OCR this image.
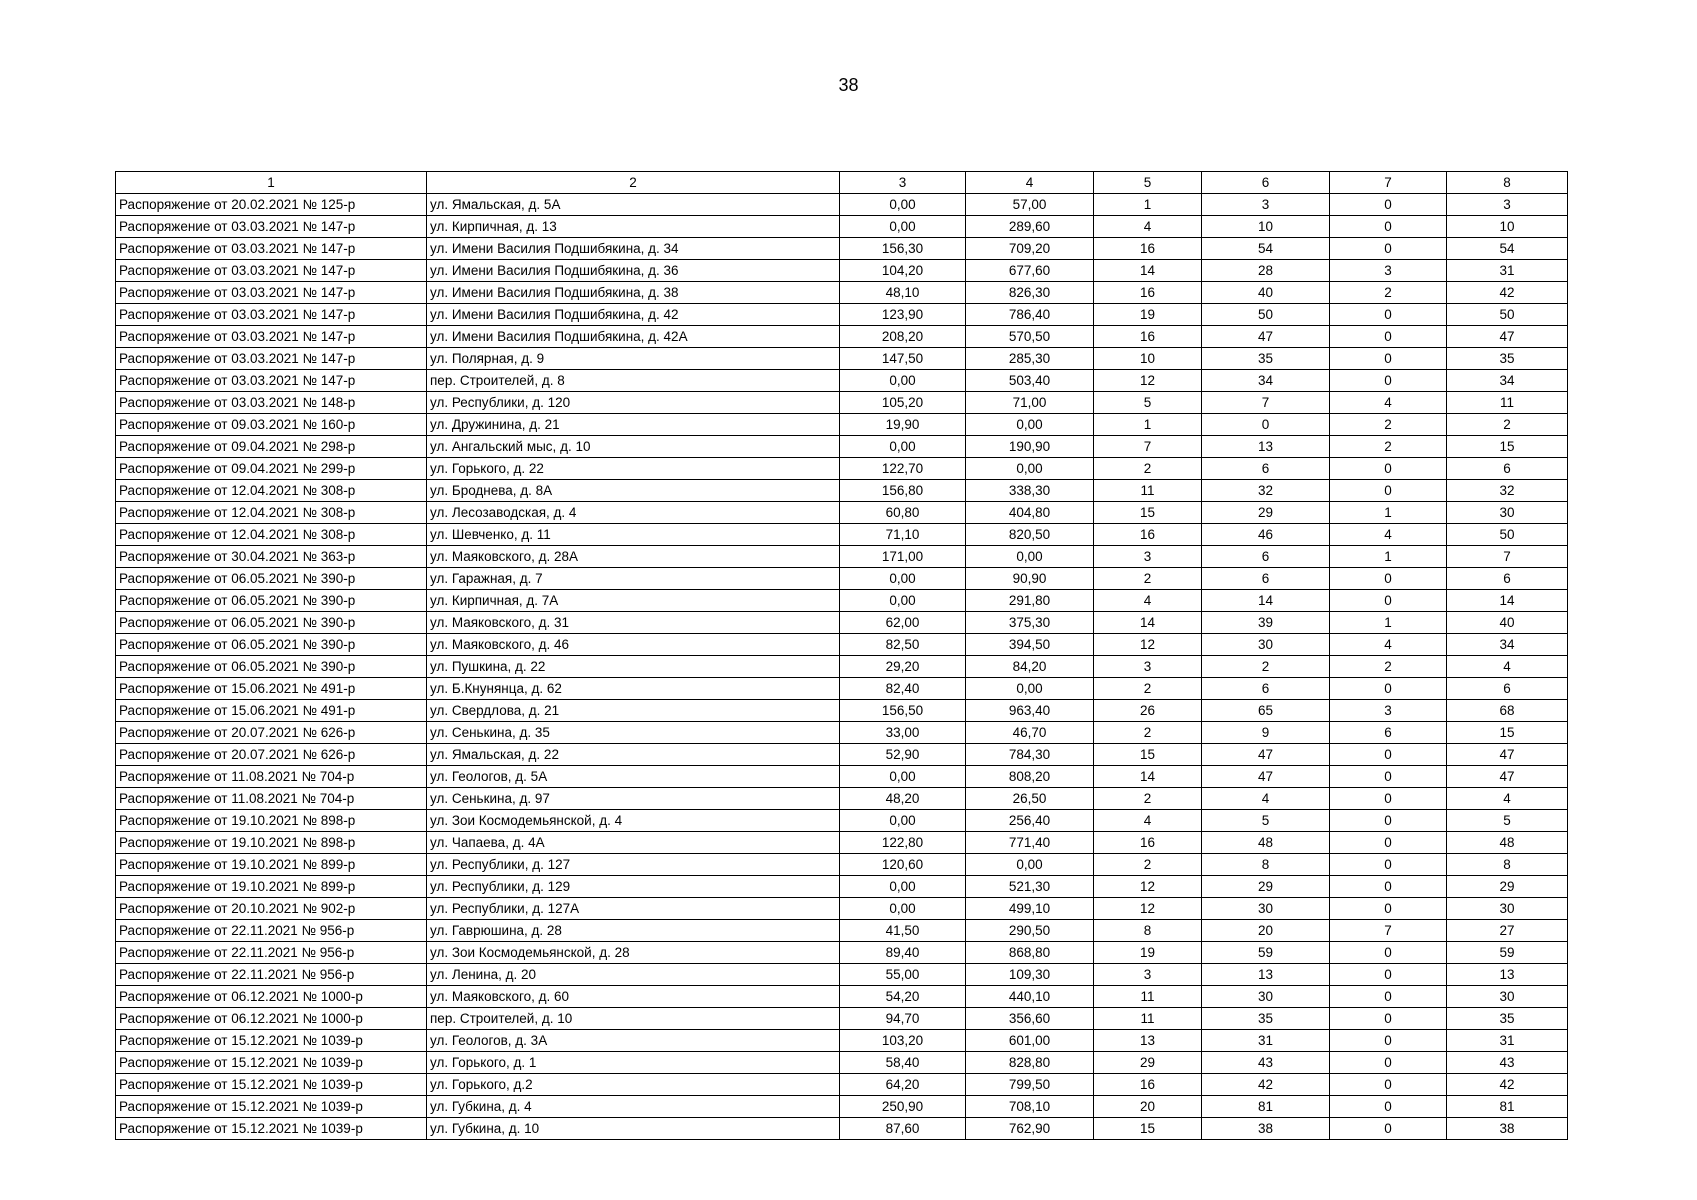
38
1	2	3	4	5	6	7	8
Распоряжение от 20.02.2021 № 125-р	ул. Ямальская, д. 5А	0,00	57,00	1	3	0	3
Распоряжение от 03.03.2021 № 147-р	ул. Кирпичная, д. 13	0,00	289,60	4	10	0	10
Распоряжение от 03.03.2021 № 147-р	ул. Имени Василия Подшибякина, д. 34	156,30	709,20	16	54	0	54
Распоряжение от 03.03.2021 № 147-р	ул. Имени Василия Подшибякина, д. 36	104,20	677,60	14	28	3	31
Распоряжение от 03.03.2021 № 147-р	ул. Имени Василия Подшибякина, д. 38	48,10	826,30	16	40	2	42
Распоряжение от 03.03.2021 № 147-р	ул. Имени Василия Подшибякина, д. 42	123,90	786,40	19	50	0	50
Распоряжение от 03.03.2021 № 147-р	ул. Имени Василия Подшибякина, д. 42А	208,20	570,50	16	47	0	47
Распоряжение от 03.03.2021 № 147-р	ул. Полярная, д. 9	147,50	285,30	10	35	0	35
Распоряжение от 03.03.2021 № 147-р	пер. Строителей, д. 8	0,00	503,40	12	34	0	34
Распоряжение от 03.03.2021 № 148-р	ул. Республики, д. 120	105,20	71,00	5	7	4	11
Распоряжение от 09.03.2021 № 160-р	ул. Дружинина, д. 21	19,90	0,00	1	0	2	2
Распоряжение от 09.04.2021 № 298-р	ул. Ангальский мыс, д. 10	0,00	190,90	7	13	2	15
Распоряжение от 09.04.2021 № 299-р	ул. Горького, д. 22	122,70	0,00	2	6	0	6
Распоряжение от 12.04.2021 № 308-р	ул. Броднева, д. 8А	156,80	338,30	11	32	0	32
Распоряжение от 12.04.2021 № 308-р	ул. Лесозаводская, д. 4	60,80	404,80	15	29	1	30
Распоряжение от 12.04.2021 № 308-р	ул. Шевченко, д. 11	71,10	820,50	16	46	4	50
Распоряжение от 30.04.2021 № 363-р	ул. Маяковского, д. 28А	171,00	0,00	3	6	1	7
Распоряжение от 06.05.2021 № 390-р	ул. Гаражная, д. 7	0,00	90,90	2	6	0	6
Распоряжение от 06.05.2021 № 390-р	ул. Кирпичная, д. 7А	0,00	291,80	4	14	0	14
Распоряжение от 06.05.2021 № 390-р	ул. Маяковского, д. 31	62,00	375,30	14	39	1	40
Распоряжение от 06.05.2021 № 390-р	ул. Маяковского, д. 46	82,50	394,50	12	30	4	34
Распоряжение от 06.05.2021 № 390-р	ул. Пушкина, д. 22	29,20	84,20	3	2	2	4
Распоряжение от 15.06.2021 № 491-р	ул. Б.Кнунянца, д. 62	82,40	0,00	2	6	0	6
Распоряжение от 15.06.2021 № 491-р	ул. Свердлова, д. 21	156,50	963,40	26	65	3	68
Распоряжение от 20.07.2021 № 626-р	ул. Сенькина, д. 35	33,00	46,70	2	9	6	15
Распоряжение от 20.07.2021 № 626-р	ул. Ямальская, д. 22	52,90	784,30	15	47	0	47
Распоряжение от 11.08.2021 № 704-р	ул. Геологов, д. 5А	0,00	808,20	14	47	0	47
Распоряжение от 11.08.2021 № 704-р	ул. Сенькина, д. 97	48,20	26,50	2	4	0	4
Распоряжение от 19.10.2021 № 898-р	ул. Зои Космодемьянской, д. 4	0,00	256,40	4	5	0	5
Распоряжение от 19.10.2021 № 898-р	ул. Чапаева, д. 4А	122,80	771,40	16	48	0	48
Распоряжение от 19.10.2021 № 899-р	ул. Республики, д. 127	120,60	0,00	2	8	0	8
Распоряжение от 19.10.2021 № 899-р	ул. Республики, д. 129	0,00	521,30	12	29	0	29
Распоряжение от 20.10.2021 № 902-р	ул. Республики, д. 127А	0,00	499,10	12	30	0	30
Распоряжение от 22.11.2021 № 956-р	ул. Гаврюшина, д. 28	41,50	290,50	8	20	7	27
Распоряжение от 22.11.2021 № 956-р	ул. Зои Космодемьянской, д. 28	89,40	868,80	19	59	0	59
Распоряжение от 22.11.2021 № 956-р	ул. Ленина, д. 20	55,00	109,30	3	13	0	13
Распоряжение от 06.12.2021 № 1000-р	ул. Маяковского, д. 60	54,20	440,10	11	30	0	30
Распоряжение от 06.12.2021 № 1000-р	пер. Строителей, д. 10	94,70	356,60	11	35	0	35
Распоряжение от 15.12.2021 № 1039-р	ул. Геологов, д. 3А	103,20	601,00	13	31	0	31
Распоряжение от 15.12.2021 № 1039-р	ул. Горького, д. 1	58,40	828,80	29	43	0	43
Распоряжение от 15.12.2021 № 1039-р	ул. Горького, д.2	64,20	799,50	16	42	0	42
Распоряжение от 15.12.2021 № 1039-р	ул. Губкина, д. 4	250,90	708,10	20	81	0	81
Распоряжение от 15.12.2021 № 1039-р	ул. Губкина, д. 10	87,60	762,90	15	38	0	38
